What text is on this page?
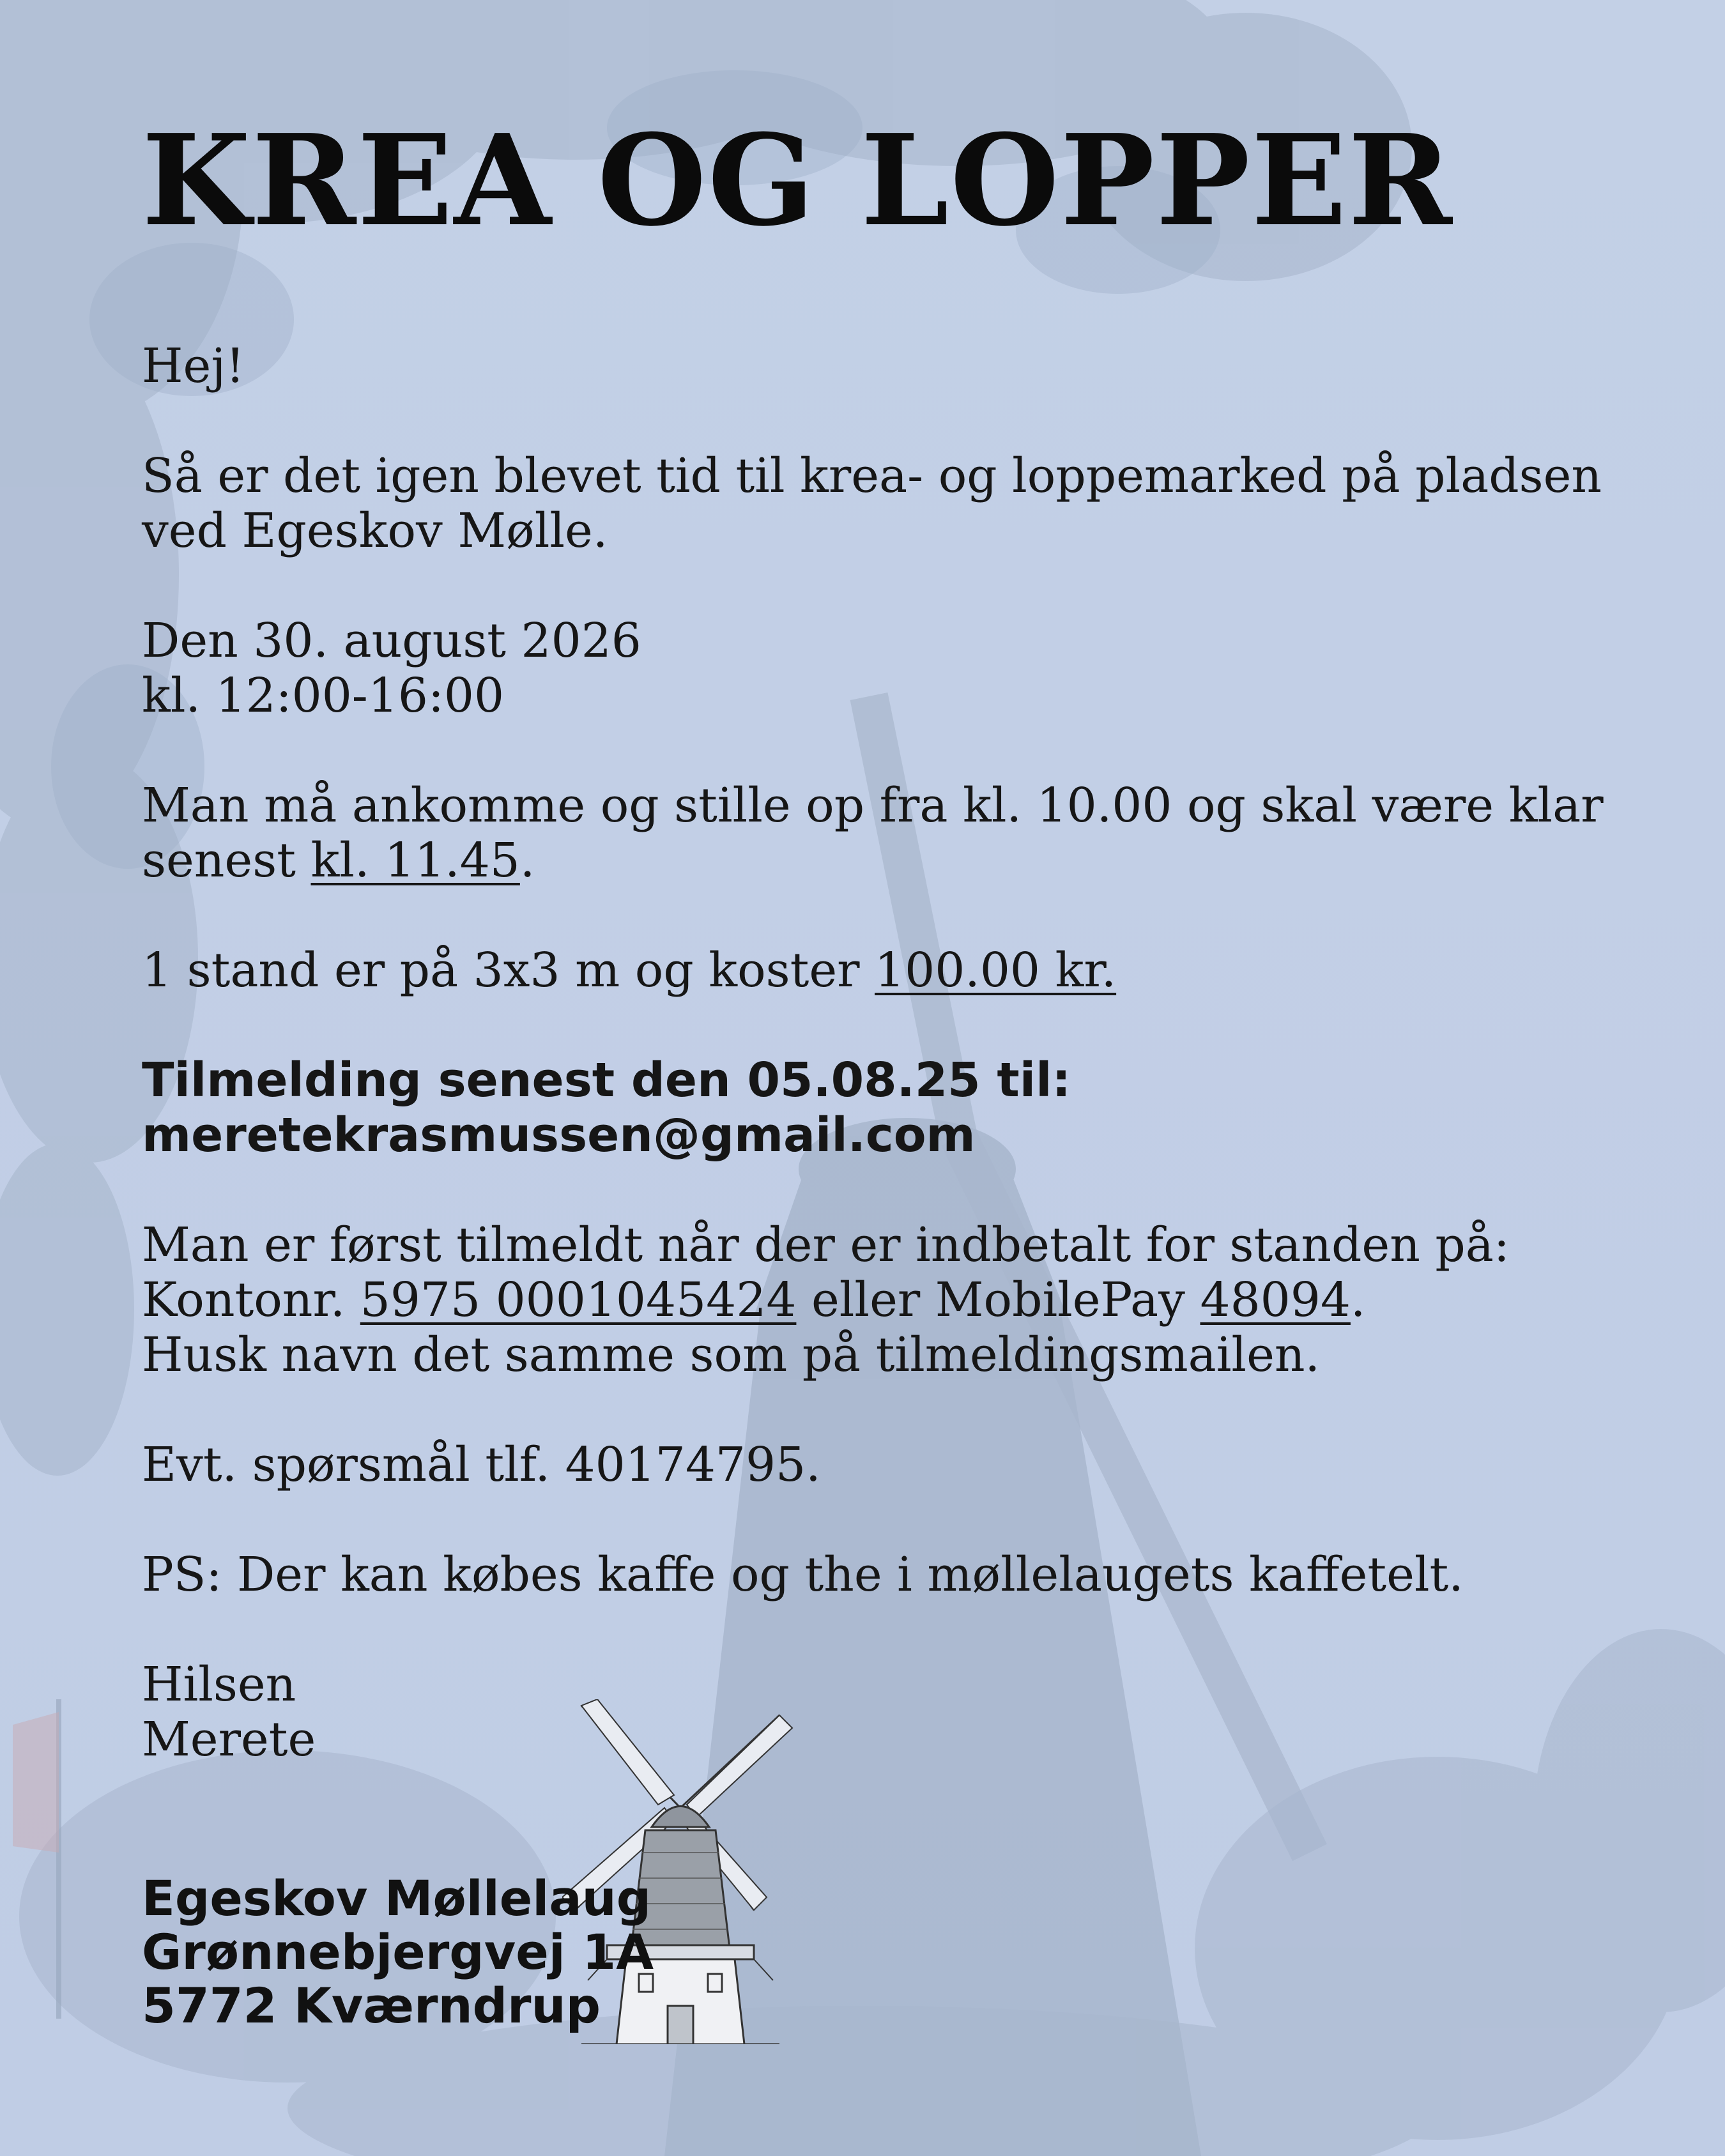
KREA OG LOPPER

Hej!

Så er det igen blevet tid til krea- og loppemarked på pladsen ved Egeskov Mølle.

Den 30. august 2026
kl. 12:00-16:00

Man må ankomme og stille op fra kl. 10.00 og skal være klar senest kl. 11.45.

1 stand er på 3x3 m og koster 100.00 kr.

Tilmelding senest den 05.08.25 til:
meretekrasmussen@gmail.com

Man er først tilmeldt når der er indbetalt for standen på:
Kontonr. 5975 0001045424 eller MobilePay 48094.
Husk navn det samme som på tilmeldingsmailen.

Evt. spørsmål tlf. 40174795.

PS: Der kan købes kaffe og the i møllelaugets kaffetelt.

Hilsen
Merete

Egeskov Møllelaug
Grønnebjergvej 1A
5772 Kværndrup
